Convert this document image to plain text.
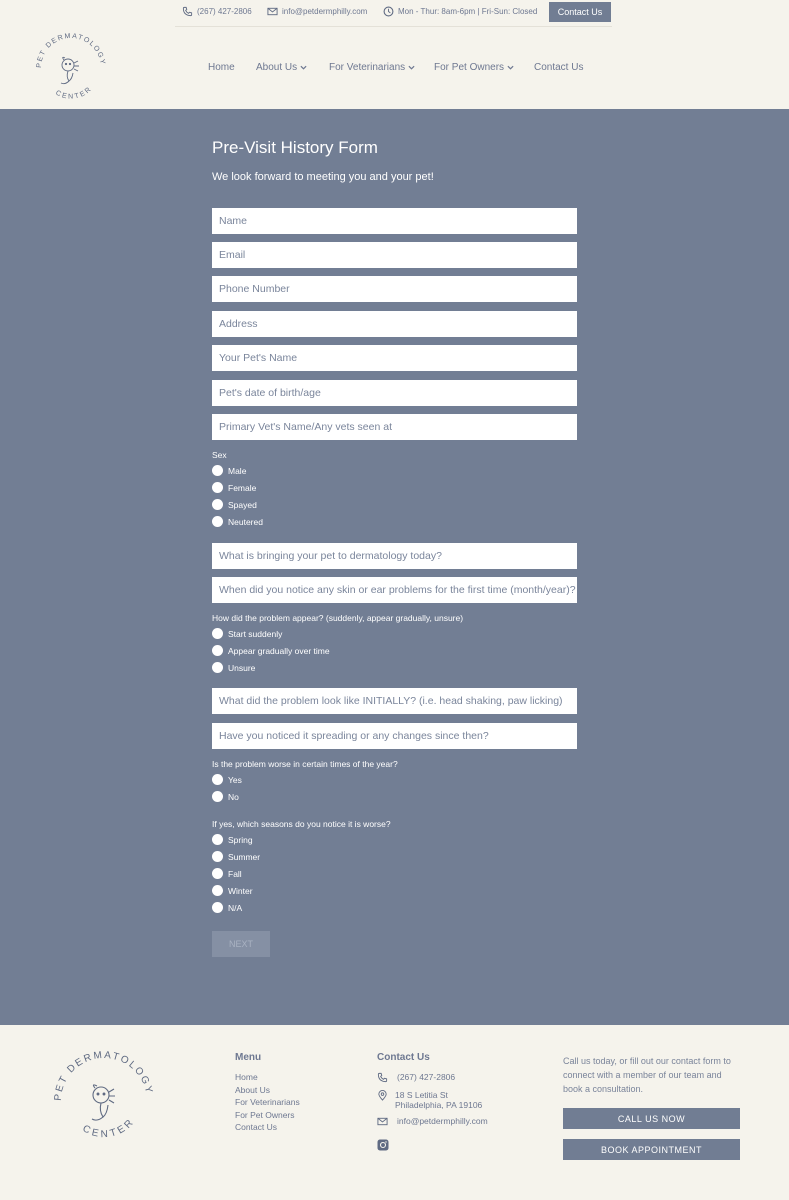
(267) 427-2806	info@petdermphilly.com	Mon - Thur: 8am-6pm | Fri-Sun: Closed	Contact Us
PET DERMATOLOGY
CENTER
Home About Us	For Veterinarians	For Pet Owners	Contact Us
Pre-Visit History Form
We look forward to meeting you and your pet!
Name
Email
Phone Number
Address
Your Pet's Name
Pet's date of birth/age
Primary Vet's Name/Any vets seen at
Sex
Male
Female
Spayed
Neutered
What is bringing your pet to dermatology today?
When did you notice any skin or ear problems for the first time (month/year)?
How did the problem appear? (suddenly, appear gradually, unsure)
Start suddenly
Appear gradually over time
Unsure
What did the problem look like INITIALLY? (i.e. head shaking, paw licking)
Have you noticed it spreading or any changes since then?
Is the problem worse in certain times of the year?
Yes
No
If yes, which seasons do you notice it is worse?
Spring
Summer
Fall
Winter
N/A
NEXT
PET DERMATOLOGY
CENTER
Menu
Home
About Us
For Veterinarians
For Pet Owners
Contact Us
Contact Us
(267) 427-2806
18 S Letitia St
Philadelphia, PA 19106
info@petdermphilly.com
Call us today, or fill out our contact form to connect with a member of our team and book a consultation.
CALL US NOW
BOOK APPOINTMENT
